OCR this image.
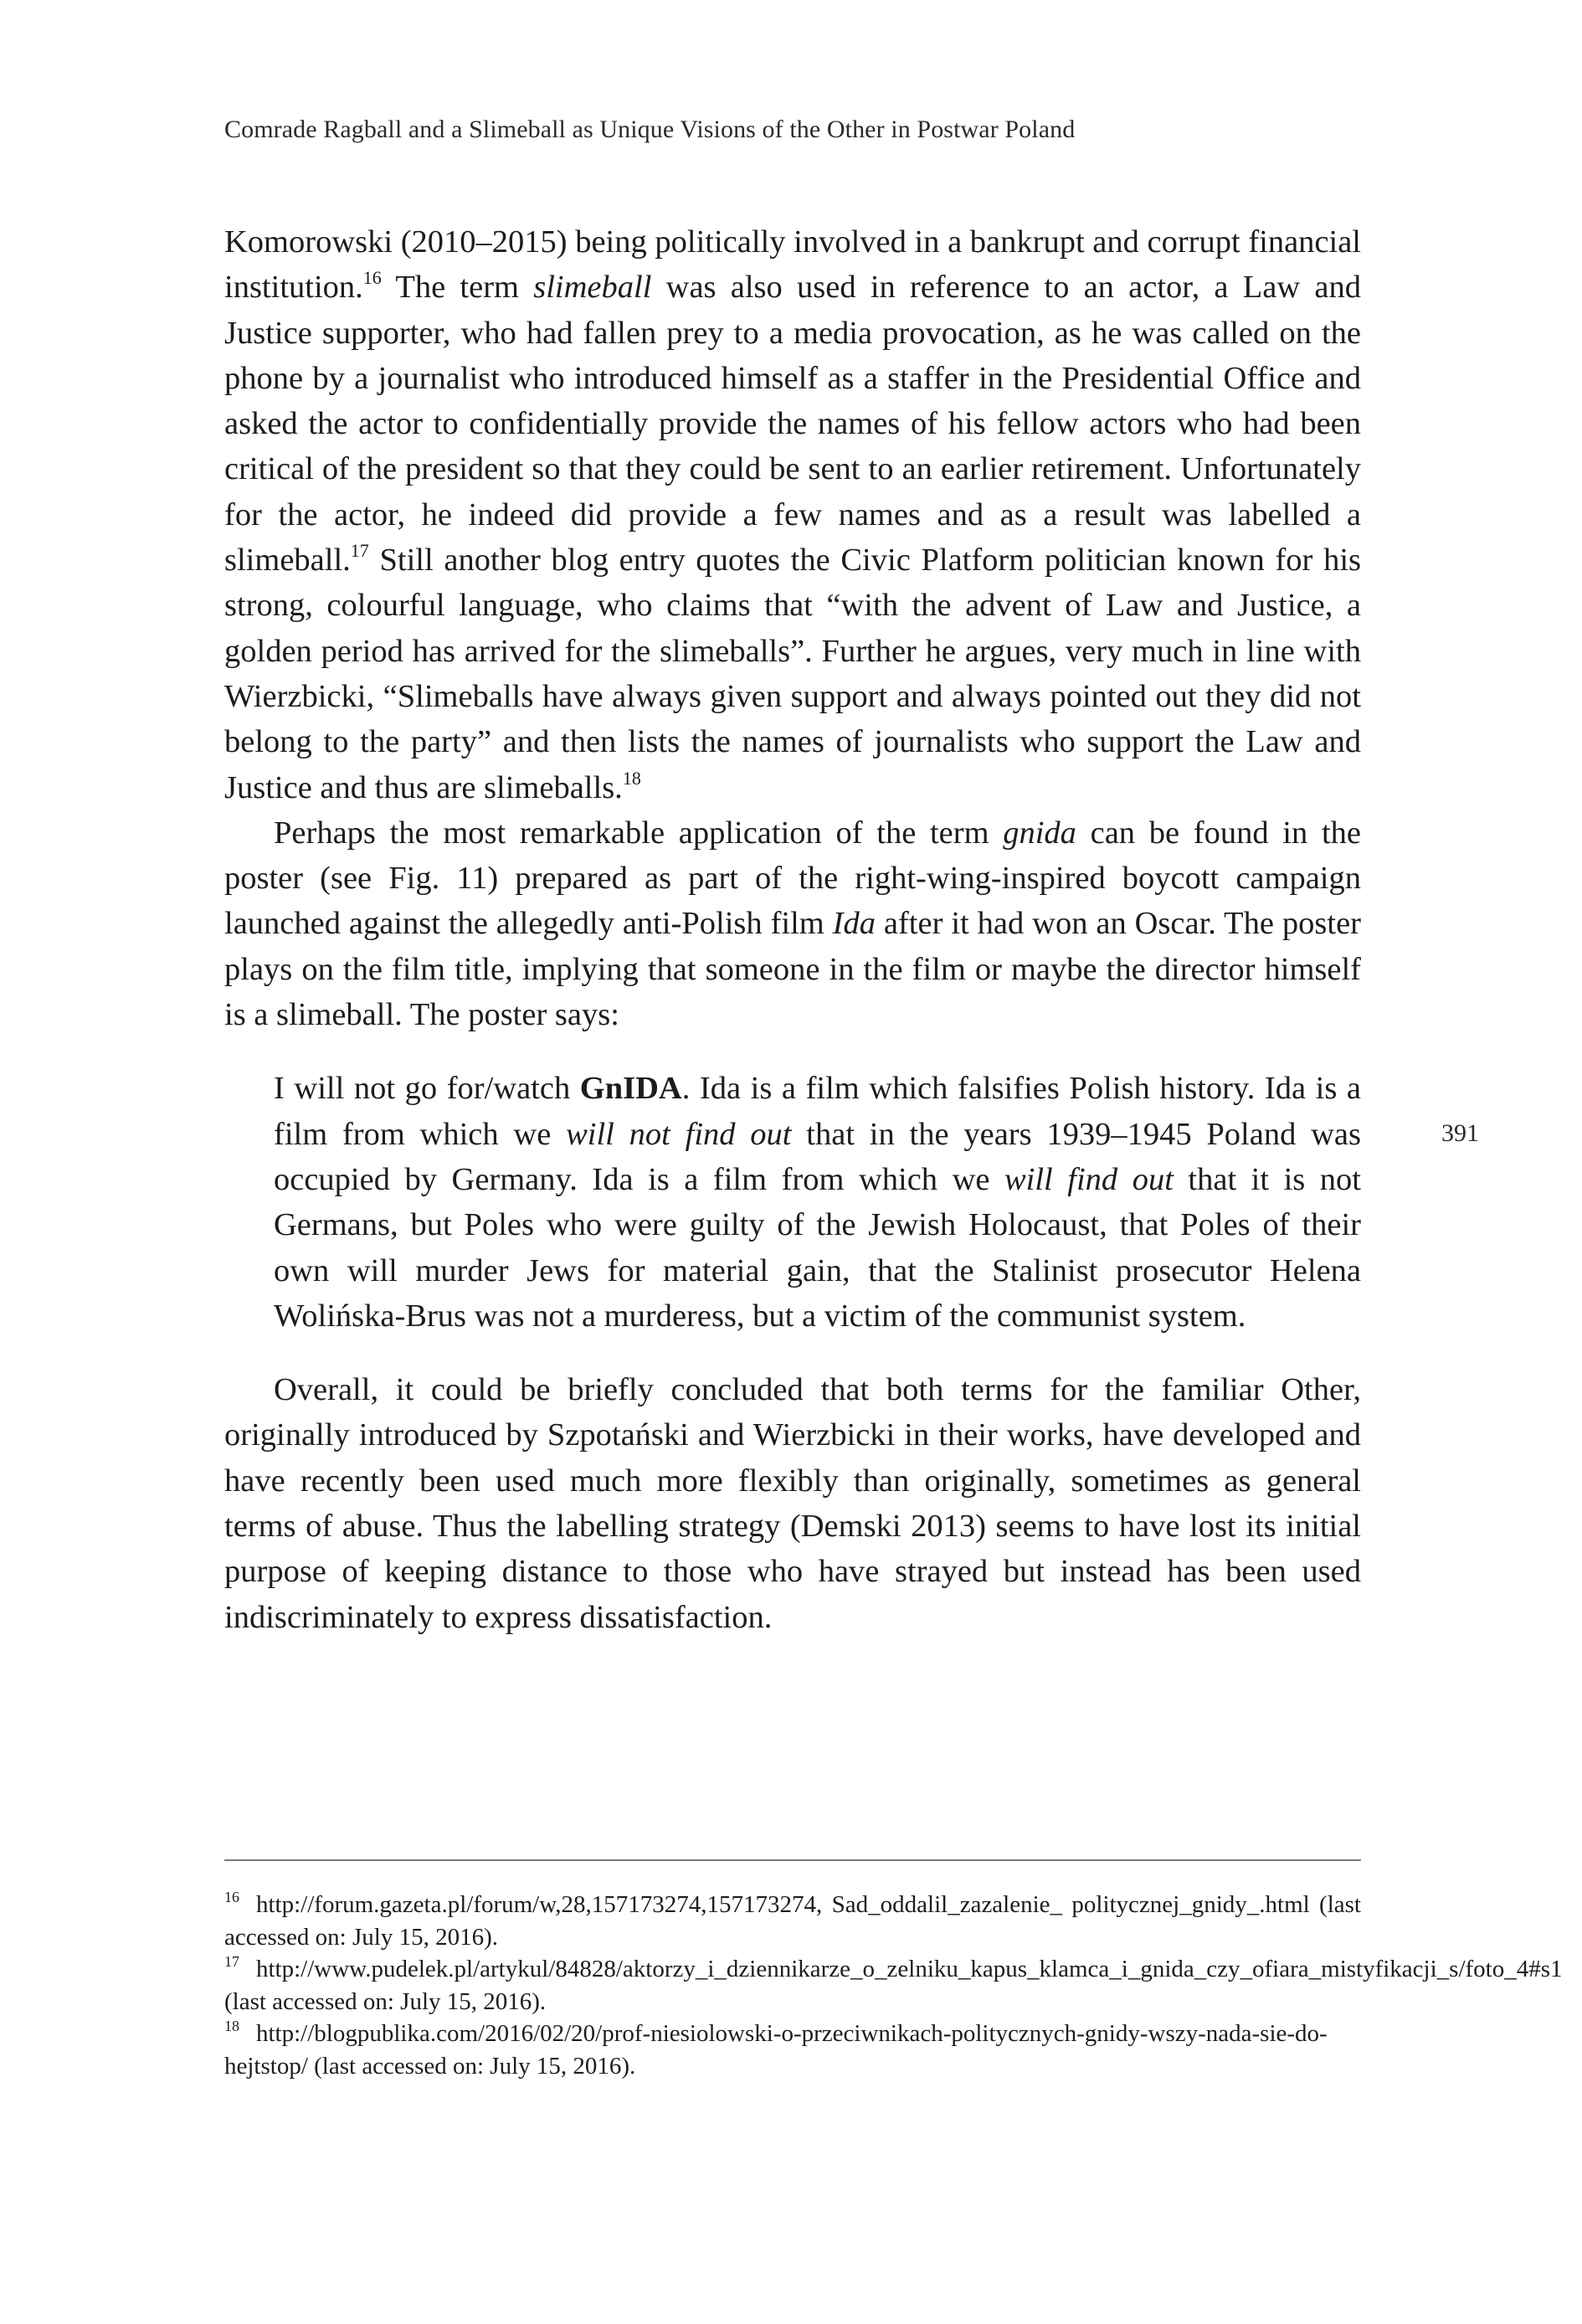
Comrade Ragball and a Slimeball as Unique Visions of the Other in Postwar Poland
391

Komorowski (2010–2015) being politically involved in a bankrupt and corrupt financial institution.$^{16}$ The term slimeball was also used in reference to an actor, a Law and Justice supporter, who had fallen prey to a media provocation, as he was called on the phone by a journalist who introduced himself as a staffer in the Presidential Office and asked the actor to confidentially provide the names of his fellow actors who had been critical of the president so that they could be sent to an earlier retirement. Unfortunately for the actor, he indeed did provide a few names and as a result was labelled a slimeball.$^{17}$ Still another blog entry quotes the Civic Platform politician known for his strong, colourful language, who claims that “with the advent of Law and Justice, a golden period has arrived for the slimeballs”. Further he argues, very much in line with Wierzbicki, “Slimeballs have always given support and always pointed out they did not belong to the party” and then lists the names of journalists who support the Law and Justice and thus are slimeballs.$^{18}$

Perhaps the most remarkable application of the term gnida can be found in the poster (see Fig. 11) prepared as part of the right-wing-inspired boycott campaign launched against the allegedly anti-Polish film Ida after it had won an Oscar. The poster plays on the film title, implying that someone in the film or maybe the director himself is a slimeball. The poster says:

I will not go for/watch GnIDA. Ida is a film which falsifies Polish history. Ida is a film from which we will not find out that in the years 1939–1945 Poland was occupied by Germany. Ida is a film from which we will find out that it is not Germans, but Poles who were guilty of the Jewish Holocaust, that Poles of their own will murder Jews for material gain, that the Stalinist prosecutor Helena Wolińska-Brus was not a murderess, but a victim of the communist system.

Overall, it could be briefly concluded that both terms for the familiar Other, originally introduced by Szpotański and Wierzbicki in their works, have developed and have recently been used much more flexibly than originally, sometimes as general terms of abuse. Thus the labelling strategy (Demski 2013) seems to have lost its initial purpose of keeping distance to those who have strayed but instead has been used indiscriminately to express dissatisfaction.

$^{16}$ http://forum.gazeta.pl/forum/w,28,157173274,157173274, Sad_oddalil_zazalenie_ politycznej_gnidy_.html (last accessed on: July 15, 2016).

$^{17}$ http://www.pudelek.pl/artykul/84828/aktorzy_i_dziennikarze_o_zelniku_kapus_klamca_i_gnida_czy_ofiara_mistyfikacji_s/foto_4#s1 (last accessed on: July 15, 2016).

$^{18}$ http://blogpublika.com/2016/02/20/prof-niesiolowski-o-przeciwnikach-politycznych-gnidy-wszy-nada-sie-do-hejtstop/ (last accessed on: July 15, 2016).
